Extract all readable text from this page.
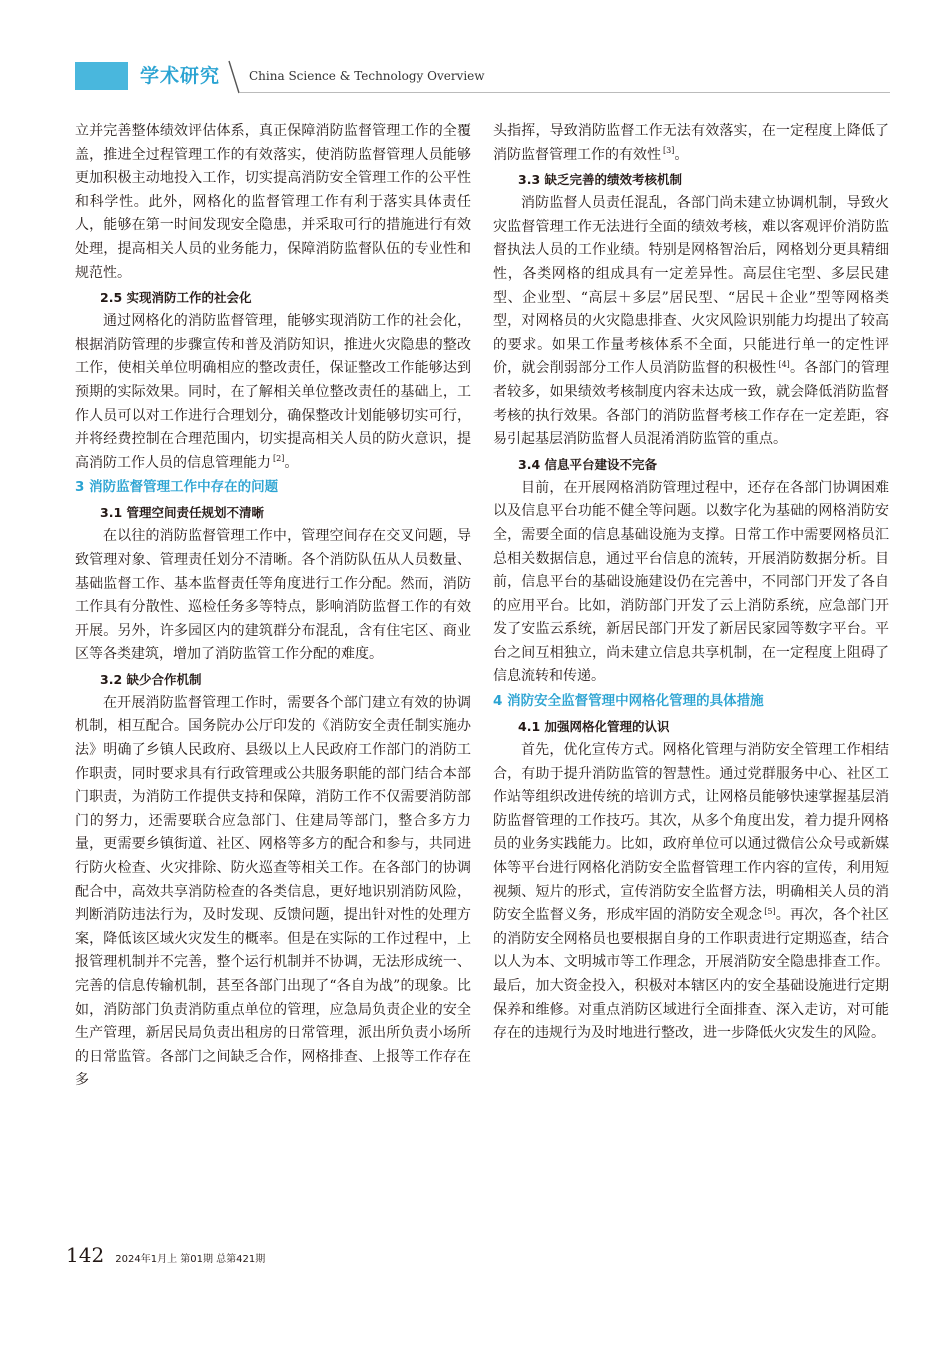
学术研究 China Science & Technology Overview

立并完善整体绩效评估体系，真正保障消防监督管理工作的全覆盖，推进全过程管理工作的有效落实，使消防监督管理人员能够更加积极主动地投入工作，切实提高消防安全管理工作的公平性和科学性。此外，网格化的监督管理工作有利于落实具体责任人，能够在第一时间发现安全隐患，并采取可行的措施进行有效处理，提高相关人员的业务能力，保障消防监督队伍的专业性和规范性。

2.5 实现消防工作的社会化

通过网格化的消防监督管理，能够实现消防工作的社会化，根据消防管理的步骤宣传和普及消防知识，推进火灾隐患的整改工作，使相关单位明确相应的整改责任，保证整改工作能够达到预期的实际效果。同时，在了解相关单位整改责任的基础上，工作人员可以对工作进行合理划分，确保整改计划能够切实可行，并将经费控制在合理范围内，切实提高相关人员的防火意识，提高消防工作人员的信息管理能力 [2]。

3 消防监督管理工作中存在的问题
3.1 管理空间责任规划不清晰

在以往的消防监督管理工作中，管理空间存在交叉问题，导致管理对象、管理责任划分不清晰。各个消防队伍从人员数量、基础监督工作、基本监督责任等角度进行工作分配。然而，消防工作具有分散性、巡检任务多等特点，影响消防监督工作的有效开展。另外，许多园区内的建筑群分布混乱，含有住宅区、商业区等各类建筑，增加了消防监管工作分配的难度。

3.2 缺少合作机制

在开展消防监督管理工作时，需要各个部门建立有效的协调机制，相互配合。国务院办公厅印发的《消防安全责任制实施办法》明确了乡镇人民政府、县级以上人民政府工作部门的消防工作职责，同时要求具有行政管理或公共服务职能的部门结合本部门职责，为消防工作提供支持和保障，消防工作不仅需要消防部门的努力，还需要联合应急部门、住建局等部门，整合多方力量，更需要乡镇街道、社区、网格等多方的配合和参与，共同进行防火检查、火灾排除、防火巡查等相关工作。在各部门的协调配合中，高效共享消防检查的各类信息，更好地识别消防风险，判断消防违法行为，及时发现、反馈问题，提出针对性的处理方案，降低该区域火灾发生的概率。但是在实际的工作过程中，上报管理机制并不完善，整个运行机制并不协调，无法形成统一、完善的信息传输机制，甚至各部门出现了“各自为战”的现象。比如，消防部门负责消防重点单位的管理，应急局负责企业的安全生产管理，新居民局负责出租房的日常管理，派出所负责小场所的日常监管。各部门之间缺乏合作，网格排查、上报等工作存在多

头指挥，导致消防监督工作无法有效落实，在一定程度上降低了消防监督管理工作的有效性 [3]。

3.3 缺乏完善的绩效考核机制

消防监督人员责任混乱，各部门尚未建立协调机制，导致火灾监督管理工作无法进行全面的绩效考核，难以客观评价消防监督执法人员的工作业绩。特别是网格智治后，网格划分更具精细性，各类网格的组成具有一定差异性。高层住宅型、多层民建型、企业型、“高层＋多层”居民型、“居民＋企业”型等网格类型，对网格员的火灾隐患排查、火灾风险识别能力均提出了较高的要求。如果工作量考核体系不全面，只能进行单一的定性评价，就会削弱部分工作人员消防监督的积极性 [4]。各部门的管理者较多，如果绩效考核制度内容未达成一致，就会降低消防监督考核的执行效果。各部门的消防监督考核工作存在一定差距，容易引起基层消防监督人员混淆消防监管的重点。

3.4 信息平台建设不完备

目前，在开展网格消防管理过程中，还存在各部门协调困难以及信息平台功能不健全等问题。以数字化为基础的网格消防安全，需要全面的信息基础设施为支撑。日常工作中需要网格员汇总相关数据信息，通过平台信息的流转，开展消防数据分析。目前，信息平台的基础设施建设仍在完善中，不同部门开发了各自的应用平台。比如，消防部门开发了云上消防系统，应急部门开发了安监云系统，新居民部门开发了新居民家园等数字平台。平台之间互相独立，尚未建立信息共享机制，在一定程度上阻碍了信息流转和传递。

4 消防安全监督管理中网格化管理的具体措施
4.1 加强网格化管理的认识

首先，优化宣传方式。网格化管理与消防安全管理工作相结合，有助于提升消防监管的智慧性。通过党群服务中心、社区工作站等组织改进传统的培训方式，让网格员能够快速掌握基层消防监督管理的工作技巧。其次，从多个角度出发，着力提升网格员的业务实践能力。比如，政府单位可以通过微信公众号或新媒体等平台进行网格化消防安全监督管理工作内容的宣传，利用短视频、短片的形式，宣传消防安全监督方法，明确相关人员的消防安全监督义务，形成牢固的消防安全观念 [5]。再次，各个社区的消防安全网格员也要根据自身的工作职责进行定期巡查，结合以人为本、文明城市等工作理念，开展消防安全隐患排查工作。最后，加大资金投入，积极对本辖区内的安全基础设施进行定期保养和维修。对重点消防区域进行全面排查、深入走访，对可能存在的违规行为及时地进行整改，进一步降低火灾发生的风险。

142 2024年1月上 第01期 总第421期
